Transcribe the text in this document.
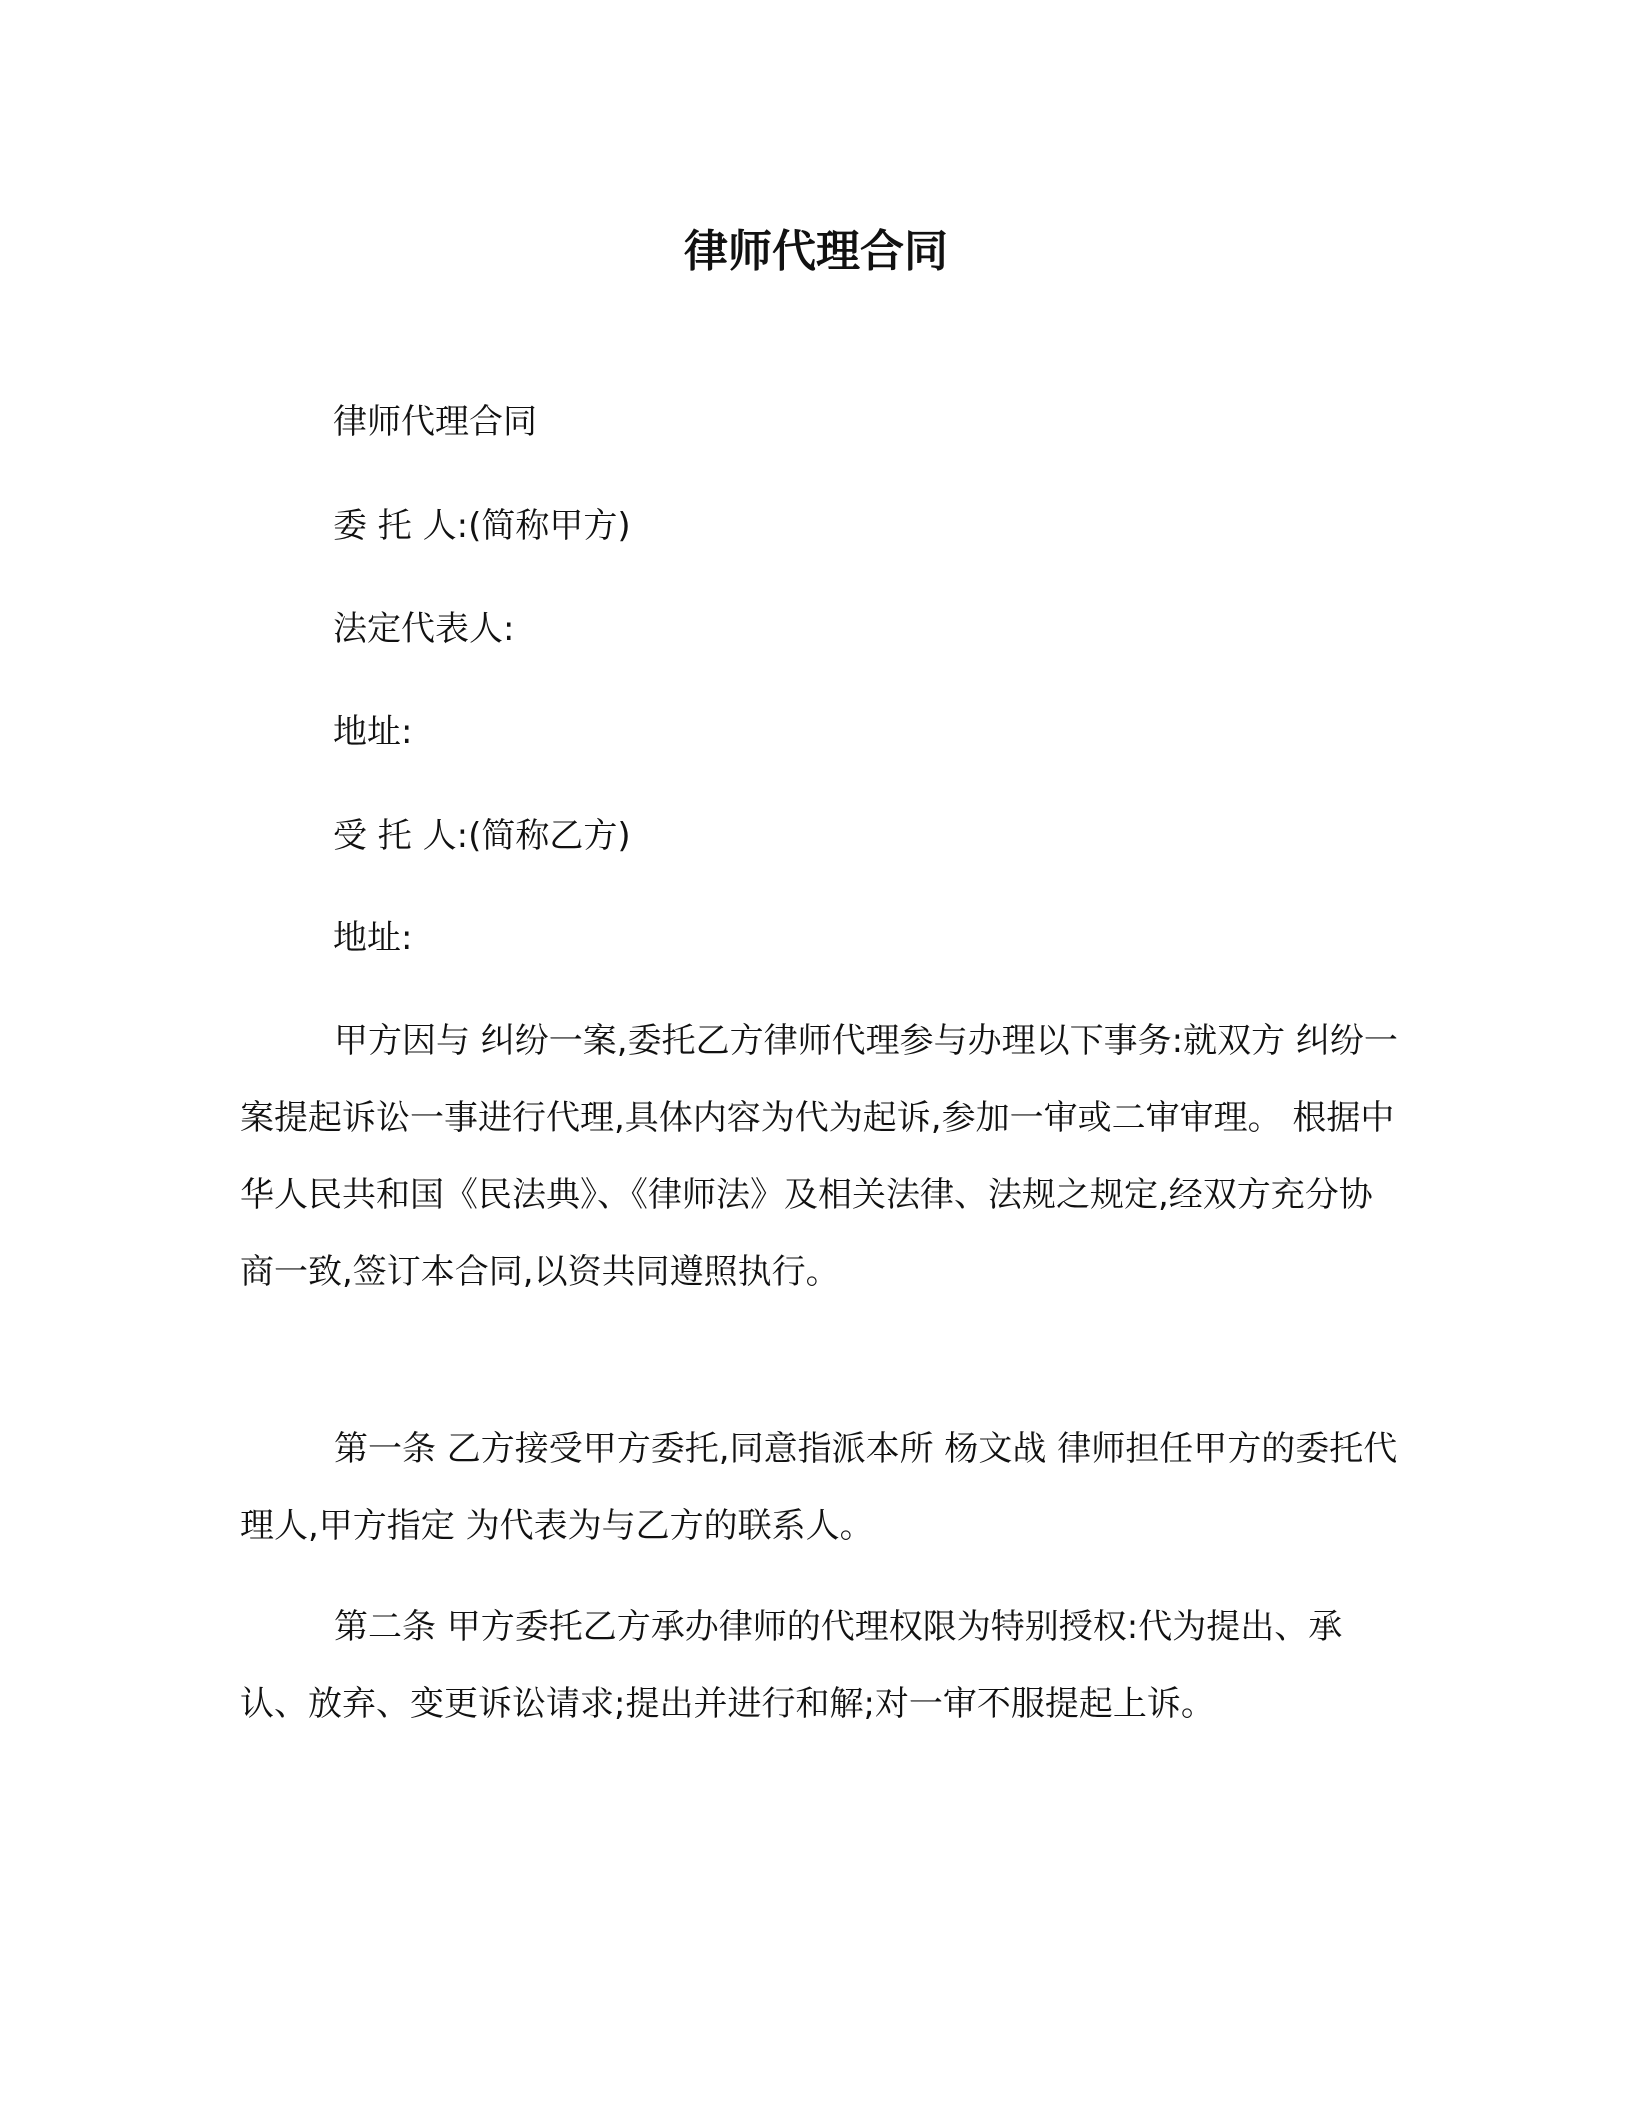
律师代理合同

律师代理合同

委 托 人:(简称甲方)

法定代表人:

地址:

受 托 人:(简称乙方)

地址:

甲方因与 纠纷一案,委托乙方律师代理参与办理以下事务:就双方 纠纷一案提起诉讼一事进行代理,具体内容为代为起诉,参加一审或二审审理。 根据中华人民共和国《民法典》、《律师法》及相关法律、法规之规定,经双方充分协商一致,签订本合同,以资共同遵照执行。

第一条 乙方接受甲方委托,同意指派本所 杨文战 律师担任甲方的委托代理人,甲方指定 为代表为与乙方的联系人。

第二条 甲方委托乙方承办律师的代理权限为特别授权:代为提出、承认、放弃、变更诉讼请求;提出并进行和解;对一审不服提起上诉。
